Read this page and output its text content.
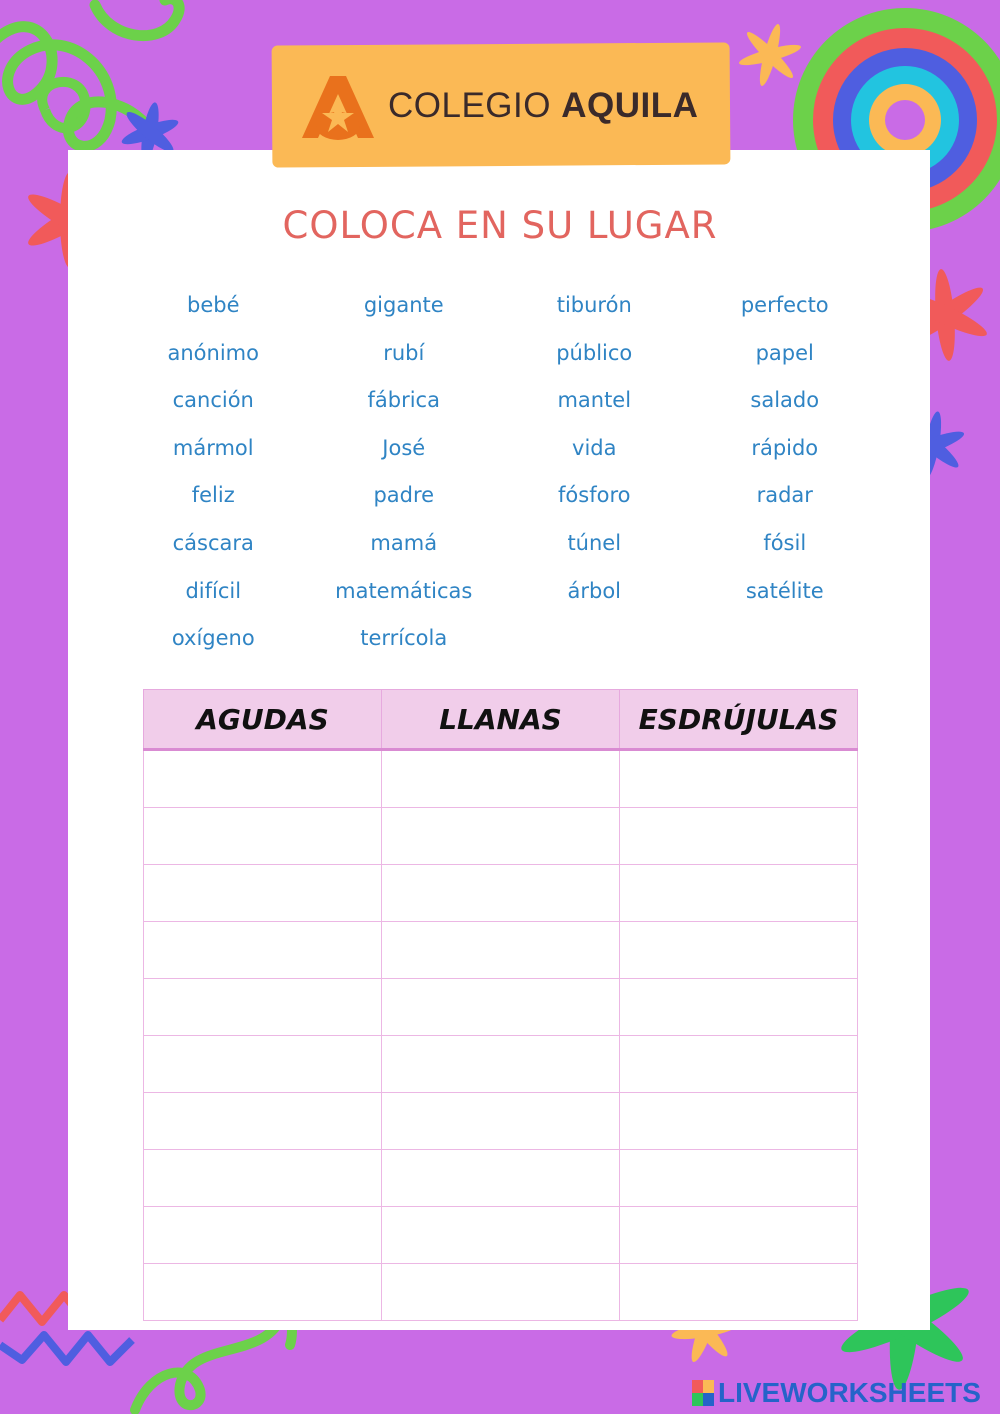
COLEGIO AQUILA
COLOCA EN SU LUGAR
bebé	gigante	tiburón	perfecto
anónimo	rubí	público	papel
canción	fábrica	mantel	salado
mármol	José	vida	rápido
feliz	padre	fósforo	radar
cáscara	mamá	túnel	fósil
difícil	matemáticas	árbol	satélite
oxígeno	terrícola
AGUDAS	LLANAS	ESDRÚJULAS

LIVEWORKSHEETS
